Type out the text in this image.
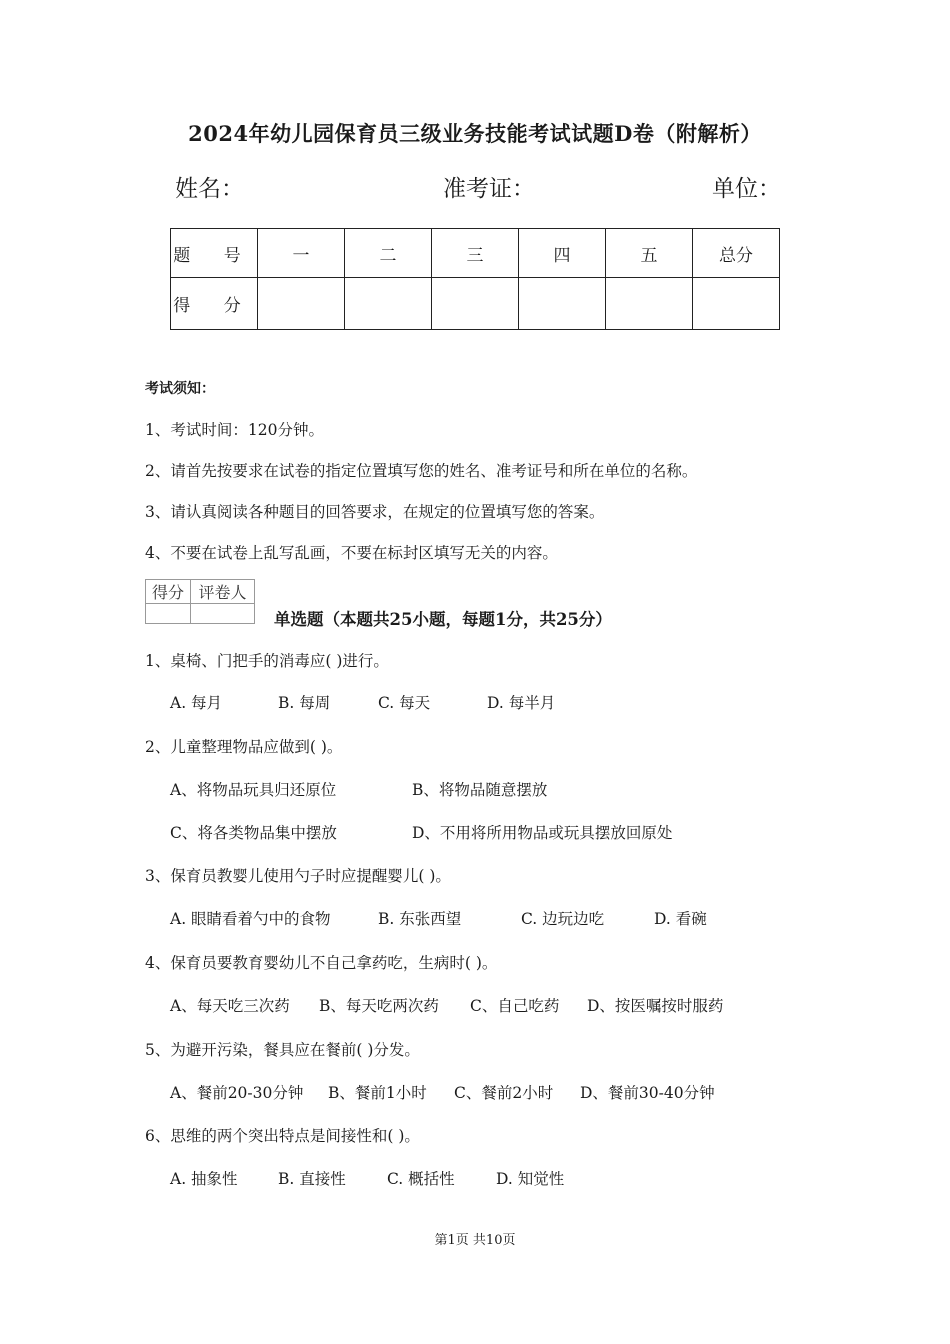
2024年幼儿园保育员三级业务技能考试试题D卷（附解析）
姓名：	准考证：	单位：
题 号	一	二	三	四	五	总分
得 分						
考试须知：
1、考试时间：120分钟。
2、请首先按要求在试卷的指定位置填写您的姓名、准考证号和所在单位的名称。
3、请认真阅读各种题目的回答要求，在规定的位置填写您的答案。
4、不要在试卷上乱写乱画，不要在标封区填写无关的内容。
得分	评卷人

单选题（本题共25小题，每题1分，共25分）
1、桌椅、门把手的消毒应( )进行。
A. 每月	B. 每周	C. 每天	D. 每半月
2、儿童整理物品应做到( )。
A、将物品玩具归还原位	B、将物品随意摆放
C、将各类物品集中摆放	D、不用将所用物品或玩具摆放回原处
3、保育员教婴儿使用勺子时应提醒婴儿( )。
A. 眼睛看着勺中的食物	B. 东张西望	C. 边玩边吃	D. 看碗
4、保育员要教育婴幼儿不自己拿药吃，生病时( )。
A、每天吃三次药 B、每天吃两次药 C、自己吃药 D、按医嘱按时服药
5、为避开污染，餐具应在餐前( )分发。
A、餐前20-30分钟 B、餐前1小时 C、餐前2小时 D、餐前30-40分钟
6、思维的两个突出特点是间接性和( )。
A. 抽象性	B. 直接性	C. 概括性	D. 知觉性
第1页 共10页
